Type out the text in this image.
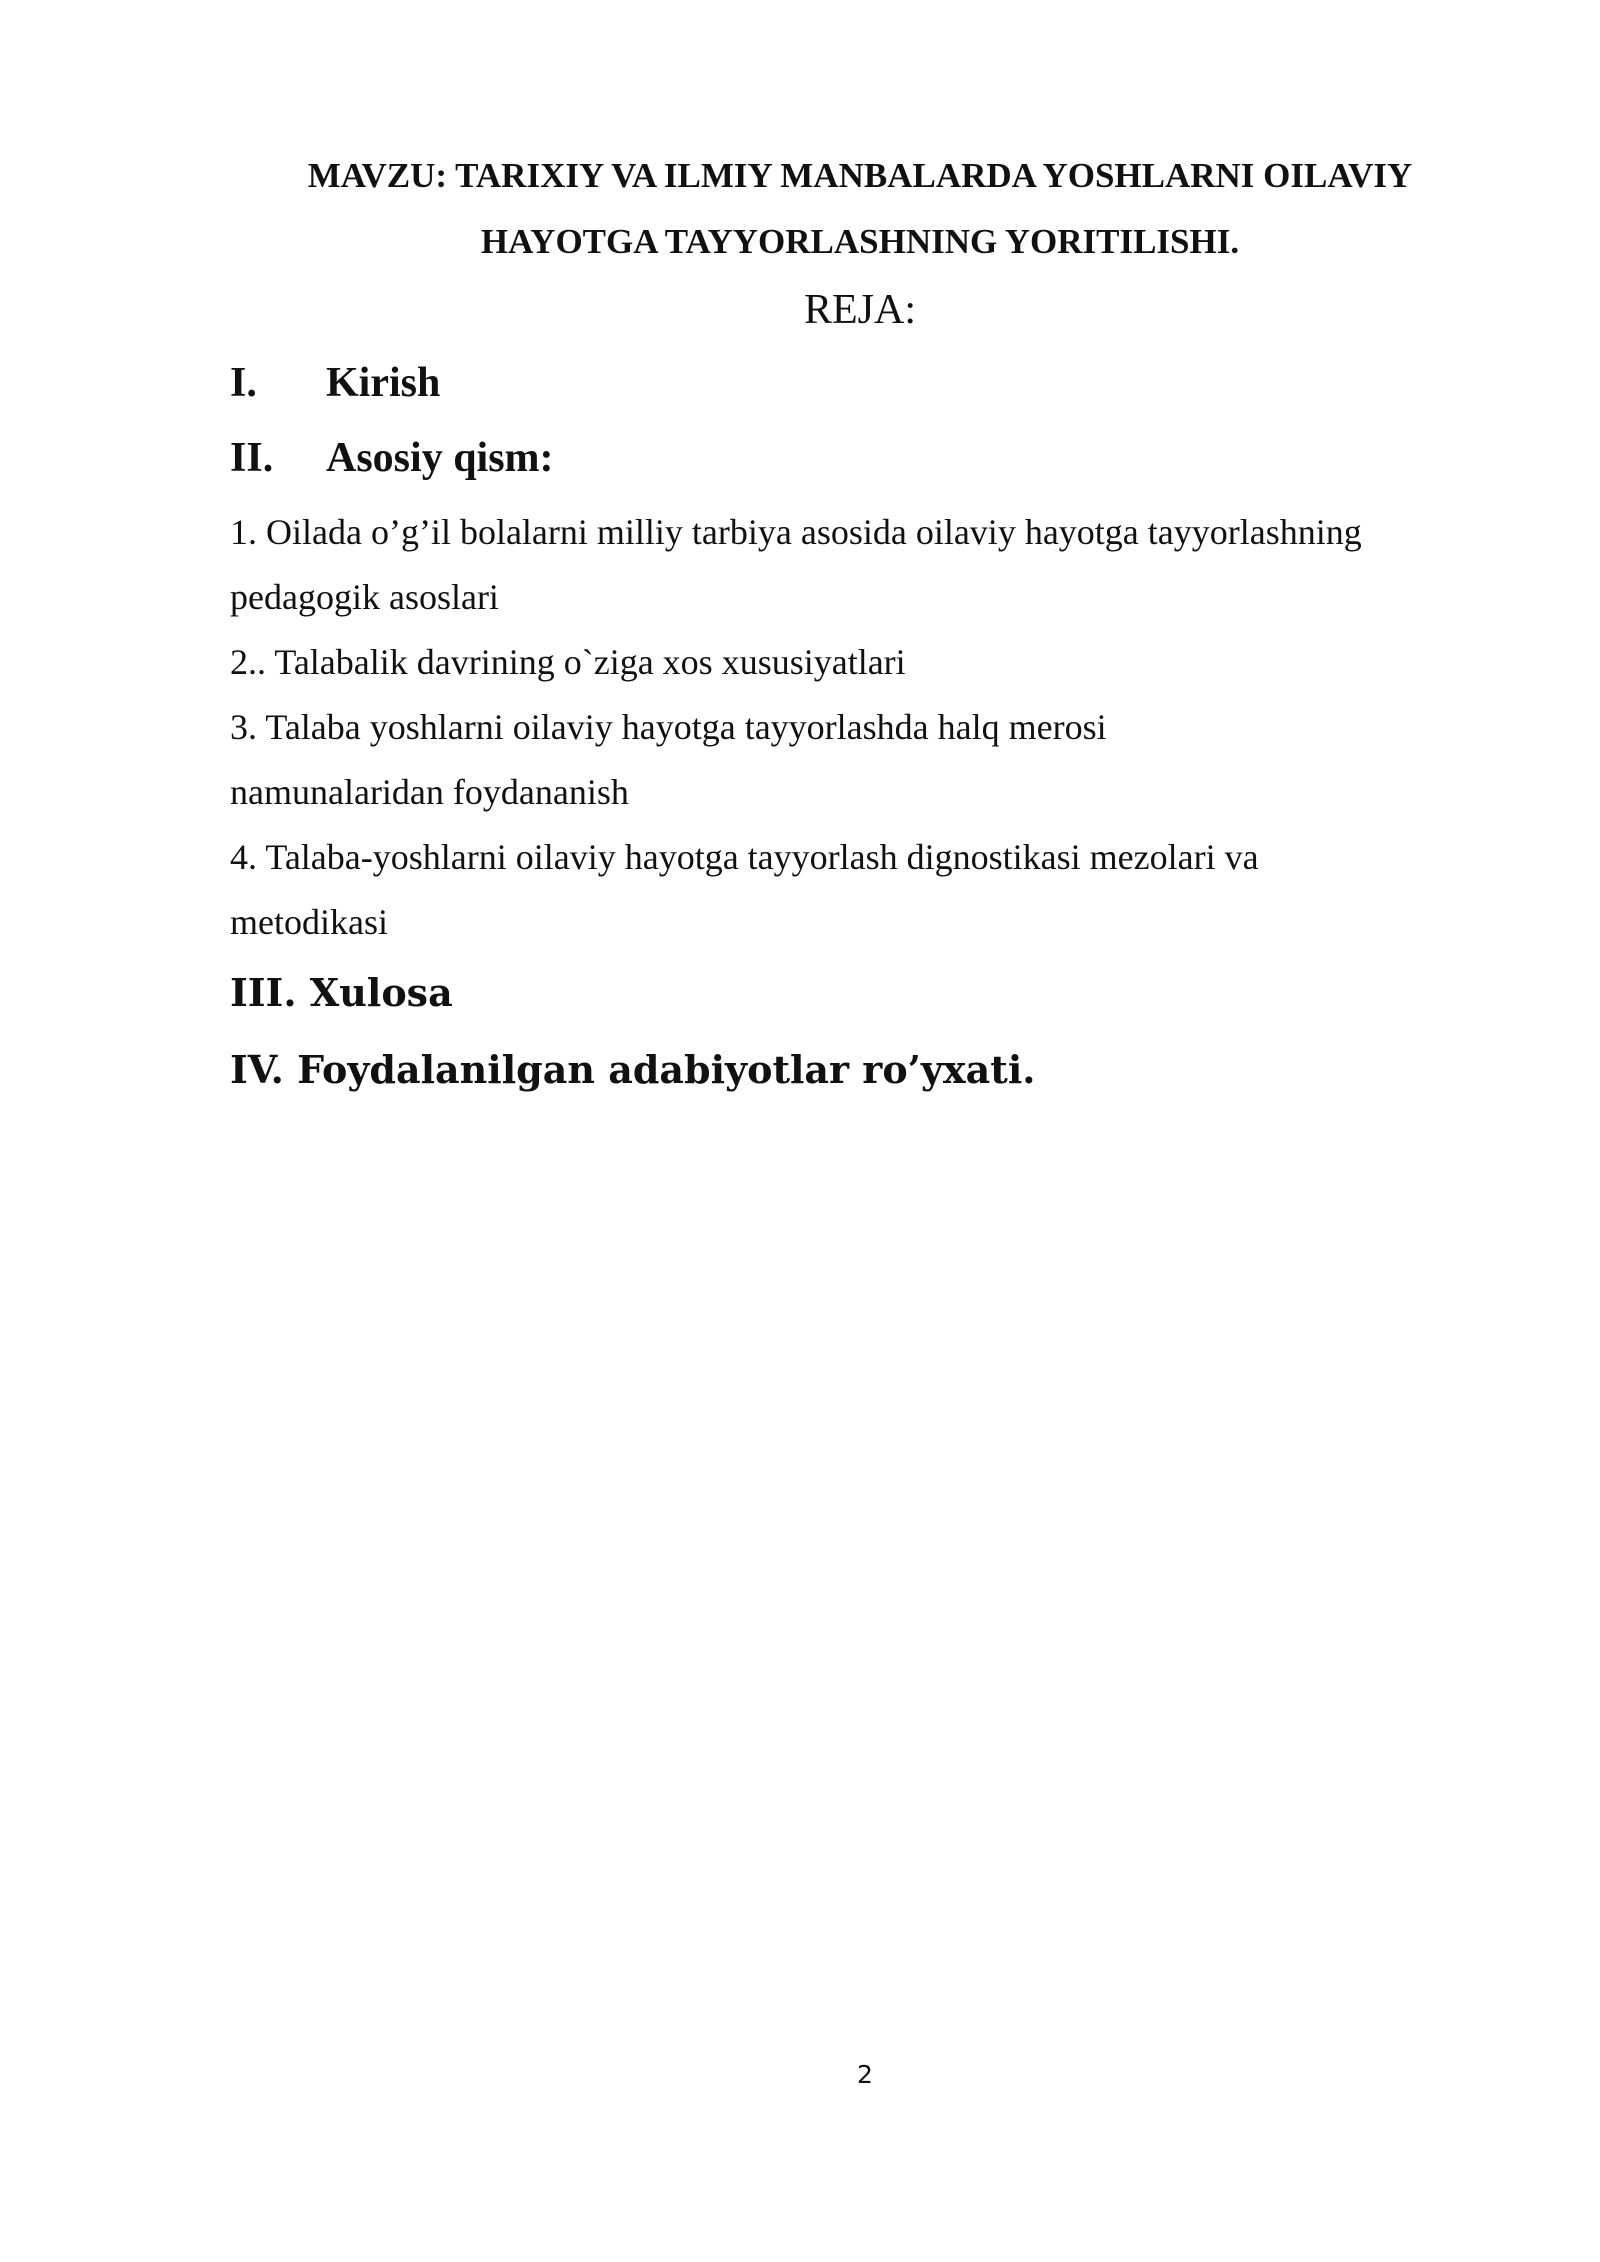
MAVZU: TARIXIY VA ILMIY MANBALARDA YOSHLARNI OILAVIY
HAYOTGA TAYYORLASHNING YORITILISHI.
REJA:
I. Kirish
II. Asosiy qism:
1. Oilada o’g’il bolalarni milliy tarbiya asosida oilaviy hayotga tayyorlashning
pedagogik asoslari
2.. Talabalik davrining o`ziga xos xususiyatlari
3. Talaba yoshlarni oilaviy hayotga tayyorlashda halq merosi
namunalaridan foydananish
4. Talaba-yoshlarni oilaviy hayotga tayyorlash dignostikasi mezolari va
metodikasi
III. Xulosa
IV. Foydalanilgan adabiyotlar ro’yxati.
2
